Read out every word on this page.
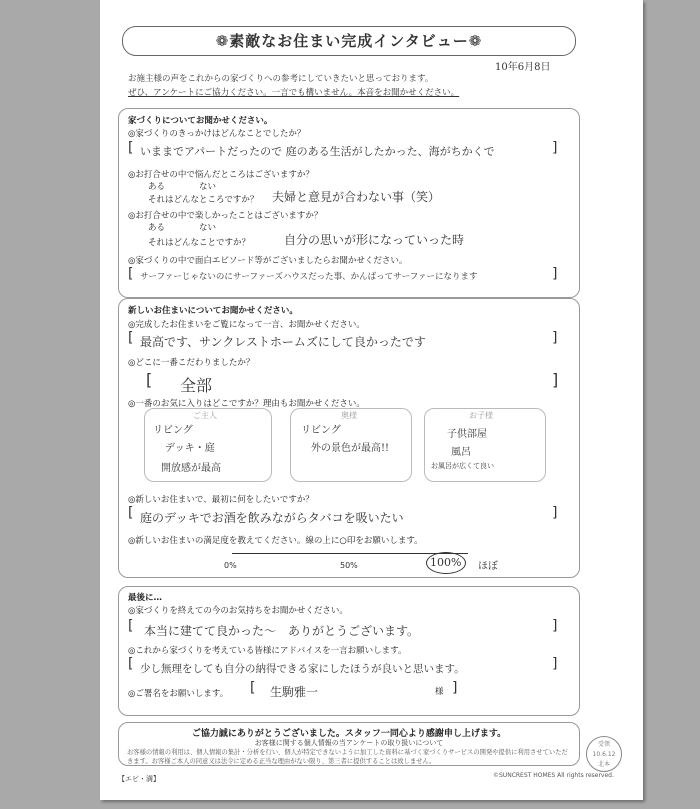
❁素敵なお住まい完成インタビュー❁
10年6月8日
お施主様の声をこれからの家づくりへの参考にしていきたいと思っております。
ぜひ、アンケートにご協力ください。一言でも構いません。本音をお聞かせください。
家づくりについてお聞かせください。
◎家づくりのきっかけはどんなことでしたか？
[ いままでアパートだったので 庭のある生活がしたかった、海がちかくで	]
◎お打合せの中で悩んだところはございますか？
ある　　　　ない
それはどんなところですか？ 夫婦と意見が合わない事（笑）
◎お打合せの中で楽しかったことはございますか？
ある　　　　ない
それはどんなことですか？	自分の思いが形になっていった時
◎家づくりの中で面白エピソード等がございましたらお聞かせください。
[ サーファーじゃないのにサーファーズハウスだった事、かんばってサーファーになります	]
新しいお住まいについてお聞かせください。
◎完成したお住まいをご覧になって一言、お聞かせください。
[ 最高です、サンクレストホームズにして良かったです	]
◎どこに一番こだわりましたか？
[ 全部	]
◎一番のお気に入りはどこですか？理由もお聞かせください。
ご主人
リビング
デッキ・庭
開放感が最高
奥様
リビング
外の景色が最高!!
お子様
子供部屋
風呂
お風呂が広くて良い
◎新しいお住まいで、最初に何をしたいですか？
[ 庭のデッキでお酒を飲みながらタバコを吸いたい	]
◎新しいお住まいの満足度を教えてください。線の上に○印をお願いします。
0%	50%	100% ほぼ
最後に…
◎家づくりを終えての今のお気持ちをお聞かせください。
[ 本当に建てて良かった～　ありがとうございます。	]
◎これから家づくりを考えている皆様にアドバイスを一言お願いします。
[ 少し無理をしても自分の納得できる家にしたほうが良いと思います。	]
◎ご署名をお願いします。 [ 生駒雅一	様 ]
ご協力誠にありがとうございました。スタッフ一同心より感謝申し上げます。
お客様に関する個人情報の当アンケートの取り扱いについて
お客様の情報の利用は、個人情報の集計・分析を行い、個人が特定できないように加工した資料に基づく家づくりサービスの開発や提供に利用させていただきます。お客様ご本人の同意又は法令に定める正当な理由がない限り、第三者に提供することは致しません。
受領
10.6.12
北本
【エビ・満】	©SUNCREST HOMES All rights reserved.
